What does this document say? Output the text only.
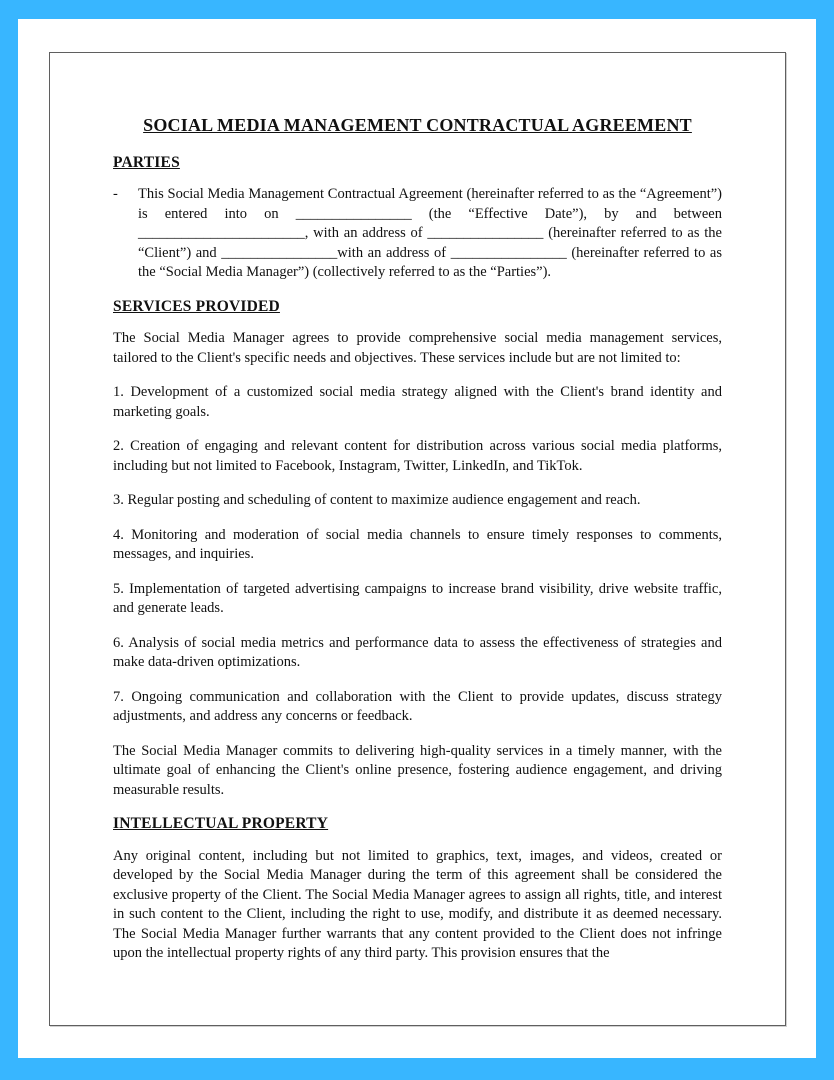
SOCIAL MEDIA MANAGEMENT CONTRACTUAL AGREEMENT
PARTIES
-	This Social Media Management Contractual Agreement (hereinafter referred to as the “Agreement”) is entered into on ________________ (the “Effective Date”), by and between _______________________, with an address of ________________ (hereinafter referred to as the “Client”) and ________________with an address of ________________ (hereinafter referred to as the “Social Media Manager”) (collectively referred to as the “Parties”).

SERVICES PROVIDED

The Social Media Manager agrees to provide comprehensive social media management services, tailored to the Client's specific needs and objectives. These services include but are not limited to:

1. Development of a customized social media strategy aligned with the Client's brand identity and marketing goals.

2. Creation of engaging and relevant content for distribution across various social media platforms, including but not limited to Facebook, Instagram, Twitter, LinkedIn, and TikTok.

3. Regular posting and scheduling of content to maximize audience engagement and reach.

4. Monitoring and moderation of social media channels to ensure timely responses to comments, messages, and inquiries.

5. Implementation of targeted advertising campaigns to increase brand visibility, drive website traffic, and generate leads.

6. Analysis of social media metrics and performance data to assess the effectiveness of strategies and make data-driven optimizations.

7. Ongoing communication and collaboration with the Client to provide updates, discuss strategy adjustments, and address any concerns or feedback.

The Social Media Manager commits to delivering high-quality services in a timely manner, with the ultimate goal of enhancing the Client's online presence, fostering audience engagement, and driving measurable results.

INTELLECTUAL PROPERTY

Any original content, including but not limited to graphics, text, images, and videos, created or developed by the Social Media Manager during the term of this agreement shall be considered the exclusive property of the Client. The Social Media Manager agrees to assign all rights, title, and interest in such content to the Client, including the right to use, modify, and distribute it as deemed necessary. The Social Media Manager further warrants that any content provided to the Client does not infringe upon the intellectual property rights of any third party. This provision ensures that the
